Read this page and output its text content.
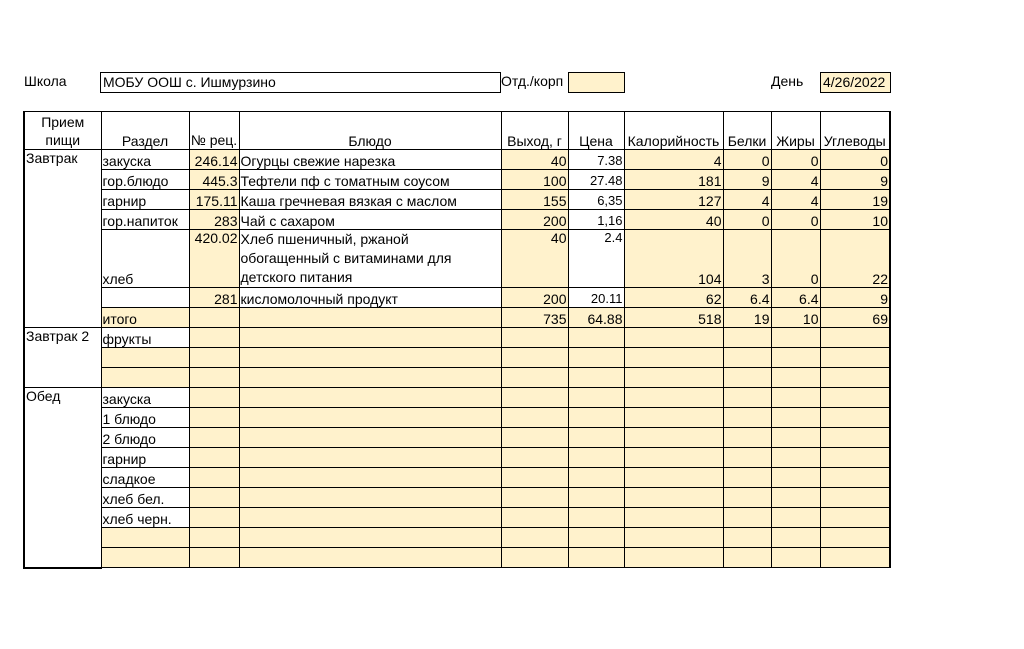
Школа	МОБУ ООШ с. Ишмурзино	Отд./корп	День 4/26/2022
Прием пищи	Раздел	№ рец.	Блюдо	Выход, г	Цена	Калорийность	Белки	Жиры	Углеводы
Завтрак	закуска	246.14	Огурцы свежие нарезка	40	7.38	4	0	0	0
	гор.блюдо	445.3	Тефтели пф с томатным соусом	100	27.48	181	9	4	9
	гарнир	175.11	Каша гречневая вязкая с маслом	155	6,35	127	4	4	19
	гор.напиток	283	Чай с сахаром	200	1,16	40	0	0	10
	хлеб	420.02	Хлеб пшеничный, ржаной обогащенный с витаминами для детского питания	40	2.4	104	3	0	22
		281	кисломолочный продукт	200	20.11	62	6.4	6.4	9
	итого			735	64.88	518	19	10	69
Завтрак 2	фрукты								

Обед	закуска								
	1 блюдо								
	2 блюдо								
	гарнир								
	сладкое								
	хлеб бел.								
	хлеб черн.								
